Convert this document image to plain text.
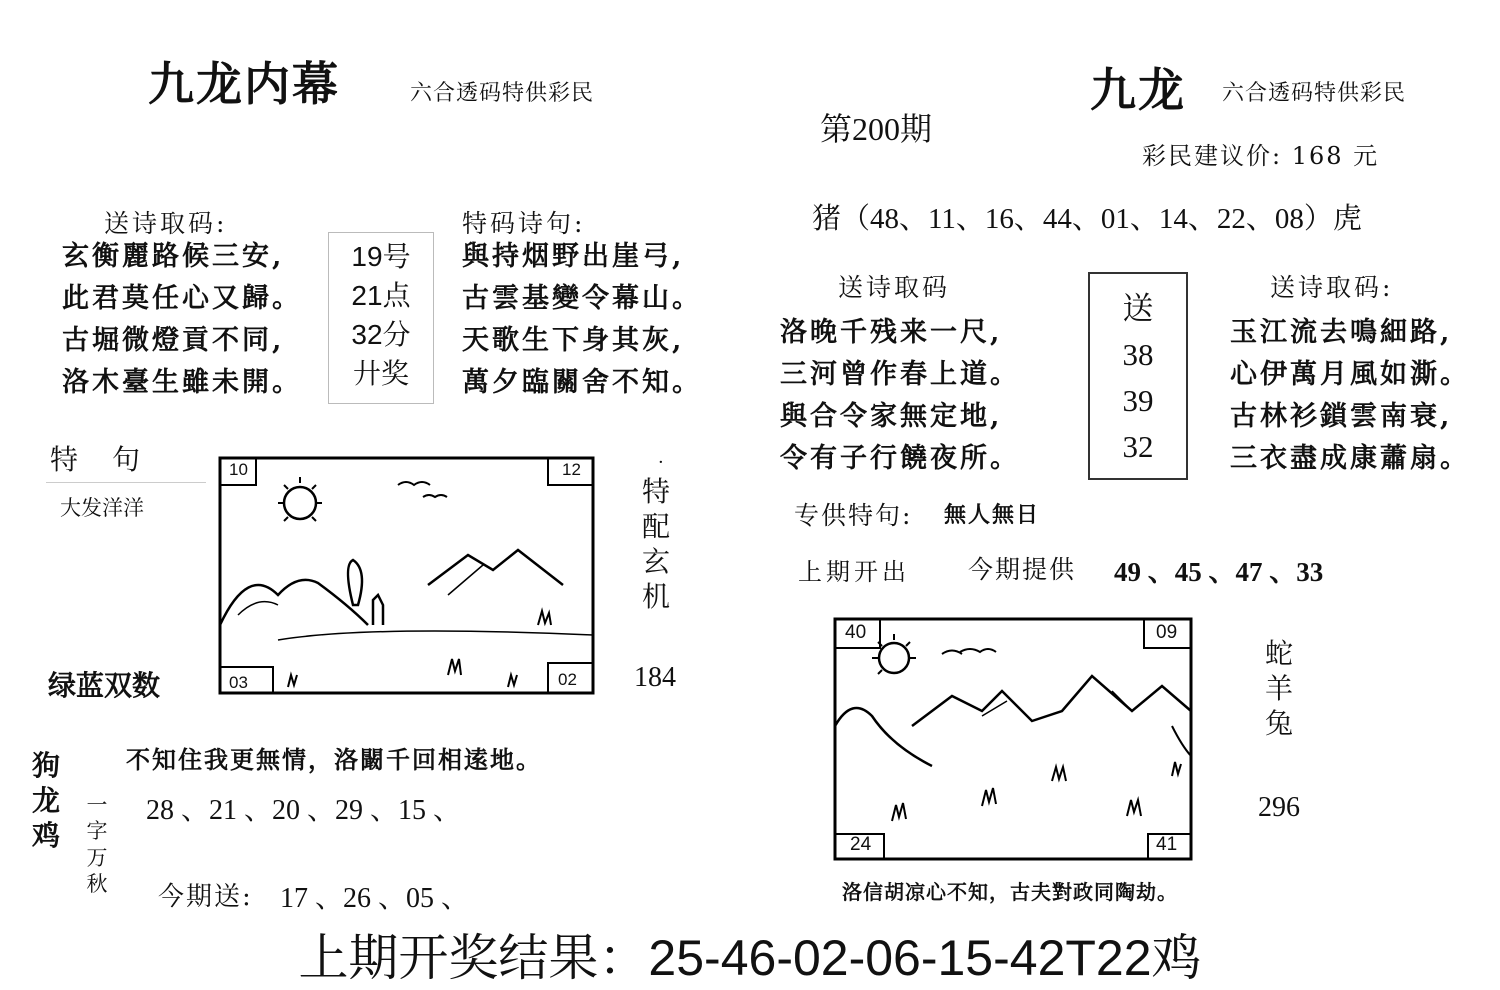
九龙内幕	六合透码特供彩民
送诗取码:
玄衡麗路候三安,
此君莫任心又歸。
古堀微燈貢不同,
洛木臺生雖未開。
19号
21点
32分
廾奖
特码诗句:
與持烟野出崖弓,
古雲基變令幕山。
天歌生下身其灰,
萬夕臨關舍不知。
特　句
大发洋洋
10	12
03	02
·
特
配
玄
机
184
绿蓝双数
狗
龙
鸡
不知住我更無情，洛闞千回相逺地。
一
字
万
秋
28 、21 、20 、29 、15 、
今期送: 17 、26 、05 、
第200期
九龙 六合透码特供彩民
彩民建议价: 168 元
猪（48、11、16、44、01、14、22、08）虎
送诗取码
洛晚千残来一尺,
三河曾作春上道。
與合令家無定地,
令有子行饒夜所。
送
38
39
32
送诗取码:
玉江流去鳴細路,
心伊萬月風如澌。
古林衫鎖雲南衰,
三衣盡成康蕭扇。
专供特句: 無人無日
上期开出 今期提供 49 、45 、47 、33
40	09
24	41
蛇
羊
兔
296
洛信胡凉心不知，古夫對政同陶劫。
上期开奖结果：25-46-02-06-15-42T22鸡
